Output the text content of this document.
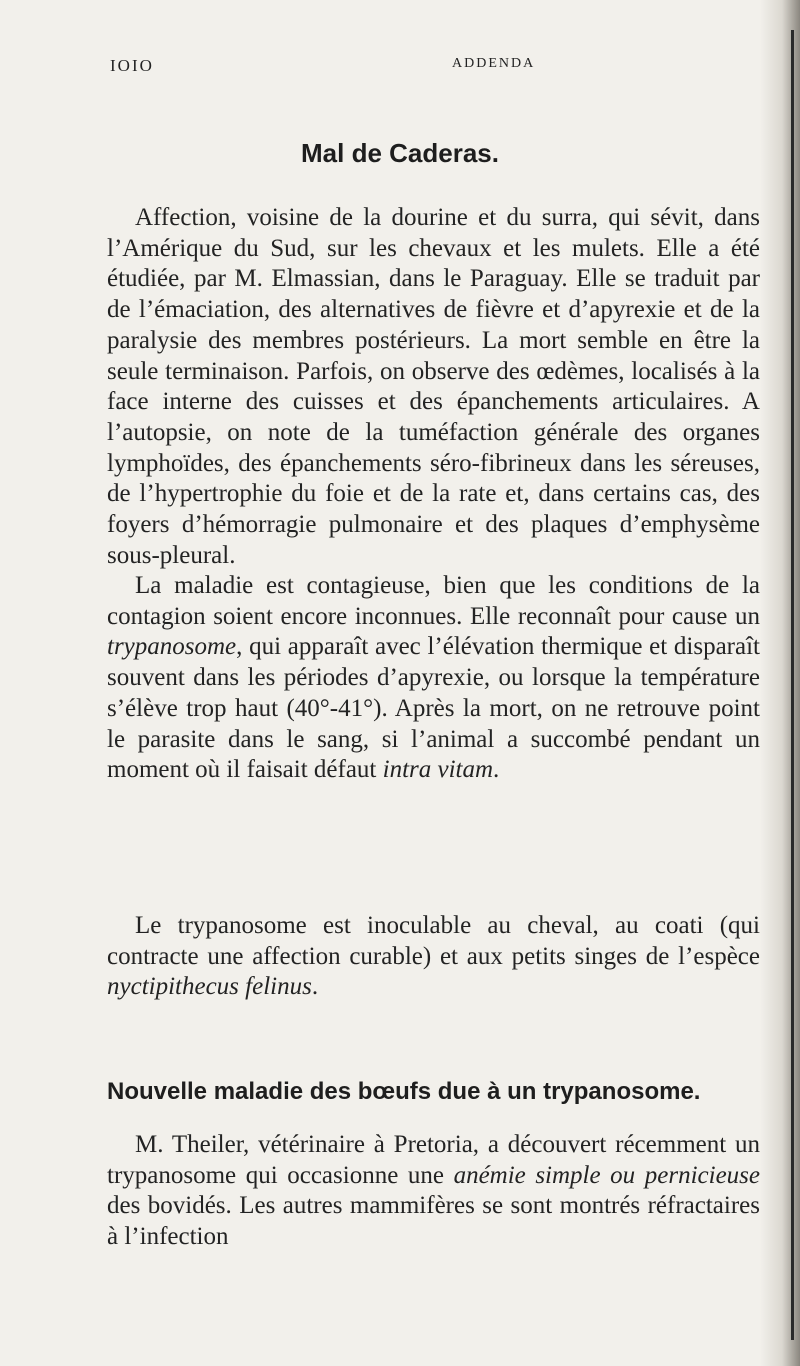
IOIO	ADDENDA
Mal de Caderas.

Affection, voisine de la dourine et du surra, qui sévit, dans l’Amérique du Sud, sur les chevaux et les mulets. Elle a été étudiée, par M. Elmassian, dans le Paraguay. Elle se traduit par de l’émaciation, des alternatives de fièvre et d’apyrexie et de la paralysie des membres postérieurs. La mort semble en être la seule terminaison. Parfois, on observe des œdèmes, localisés à la face interne des cuisses et des épanchements articulaires. A l’autopsie, on note de la tuméfaction générale des organes lymphoïdes, des épanchements séro-fibrineux dans les séreuses, de l’hypertrophie du foie et de la rate et, dans certains cas, des foyers d’hémorragie pulmonaire et des plaques d’emphysème sous-pleural.

La maladie est contagieuse, bien que les conditions de la contagion soient encore inconnues. Elle reconnaît pour cause un trypanosome, qui apparaît avec l’élévation thermique et disparaît souvent dans les périodes d’apyrexie, ou lorsque la température s’élève trop haut (40°-41°). Après la mort, on ne retrouve point le parasite dans le sang, si l’animal a succombé pendant un moment où il faisait défaut intra vitam.

Le trypanosome est inoculable au cheval, au coati (qui contracte une affection curable) et aux petits singes de l’espèce nyctipithecus felinus.

Nouvelle maladie des bœufs due à un trypanosome.

M. Theiler, vétérinaire à Pretoria, a découvert récemment un trypanosome qui occasionne une anémie simple ou pernicieuse des bovidés. Les autres mammifères se sont montrés réfractaires à l’infection
